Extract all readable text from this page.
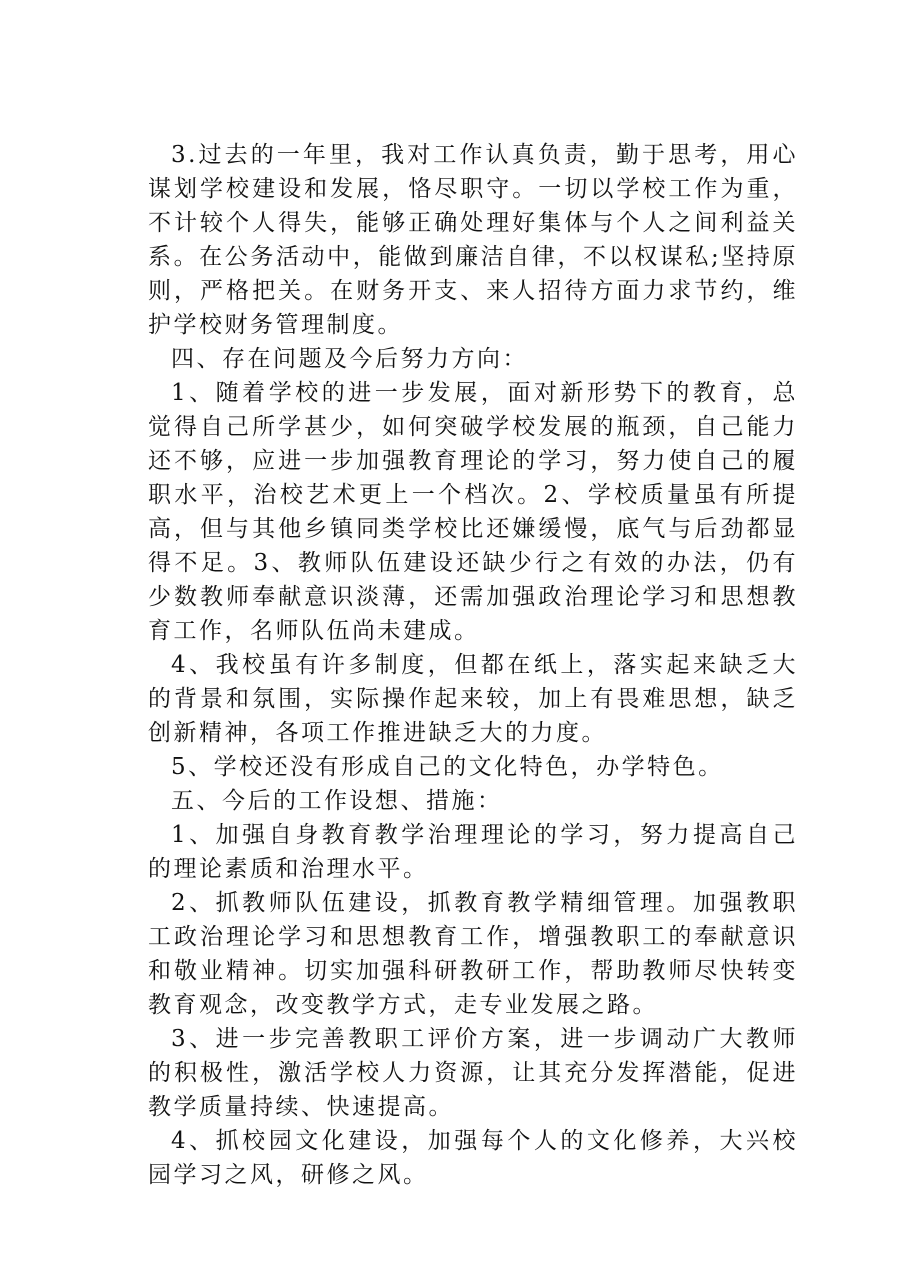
3.过去的一年里，我对工作认真负责，勤于思考，用心谋划学校建设和发展，恪尽职守。一切以学校工作为重，不计较个人得失，能够正确处理好集体与个人之间利益关系。在公务活动中，能做到廉洁自律，不以权谋私;坚持原则，严格把关。在财务开支、来人招待方面力求节约，维护学校财务管理制度。

四、存在问题及今后努力方向：

1、随着学校的进一步发展，面对新形势下的教育，总觉得自己所学甚少，如何突破学校发展的瓶颈，自己能力还不够，应进一步加强教育理论的学习，努力使自己的履职水平，治校艺术更上一个档次。2、学校质量虽有所提高，但与其他乡镇同类学校比还嫌缓慢，底气与后劲都显得不足。3、教师队伍建设还缺少行之有效的办法，仍有少数教师奉献意识淡薄，还需加强政治理论学习和思想教育工作，名师队伍尚未建成。

4、我校虽有许多制度，但都在纸上，落实起来缺乏大的背景和氛围，实际操作起来较，加上有畏难思想，缺乏创新精神，各项工作推进缺乏大的力度。

5、学校还没有形成自己的文化特色，办学特色。

五、今后的工作设想、措施：

1、加强自身教育教学治理理论的学习，努力提高自己的理论素质和治理水平。

2、抓教师队伍建设，抓教育教学精细管理。加强教职工政治理论学习和思想教育工作，增强教职工的奉献意识和敬业精神。切实加强科研教研工作，帮助教师尽快转变教育观念，改变教学方式，走专业发展之路。

3、进一步完善教职工评价方案，进一步调动广大教师的积极性，激活学校人力资源，让其充分发挥潜能，促进教学质量持续、快速提高。

4、抓校园文化建设，加强每个人的文化修养，大兴校园学习之风，研修之风。
